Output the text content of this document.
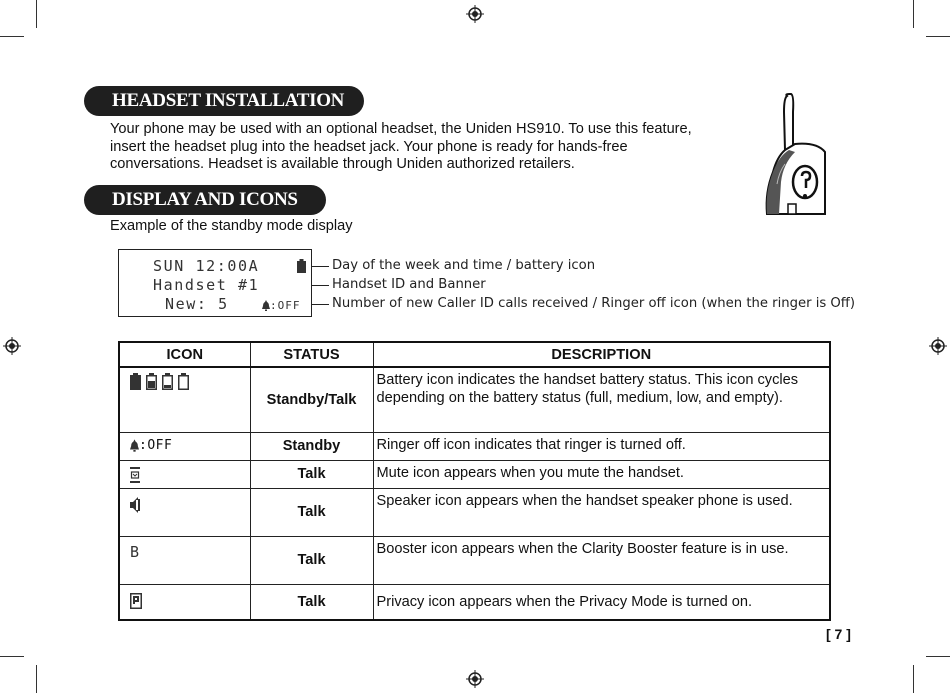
HEADSET INSTALLATION
Your phone may be used with an optional headset, the Uniden HS910. To use this feature, insert the headset plug into the headset jack. Your phone is ready for hands-free conversations. Headset is available through Uniden authorized retailers.
DISPLAY AND ICONS
Example of the standby mode display
SUN 12:00A
Handset #1
New: 5	:OFF
Day of the week and time / battery icon
Handset ID and Banner
Number of new Caller ID calls received / Ringer off icon (when the ringer is Off)
ICON	STATUS	DESCRIPTION
	Standby/Talk	Battery icon indicates the handset battery status. This icon cycles depending on the battery status (full, medium, low, and empty).

:OFF	Standby	Ringer off icon indicates that ringer is turned off.
	Talk	Mute icon appears when you mute the handset.
	Talk	Speaker icon appears when the handset speaker phone is used.
B	Talk	Booster icon appears when the Clarity Booster feature is in use.
	Talk	Privacy icon appears when the Privacy Mode is turned on.
[ 7 ]
